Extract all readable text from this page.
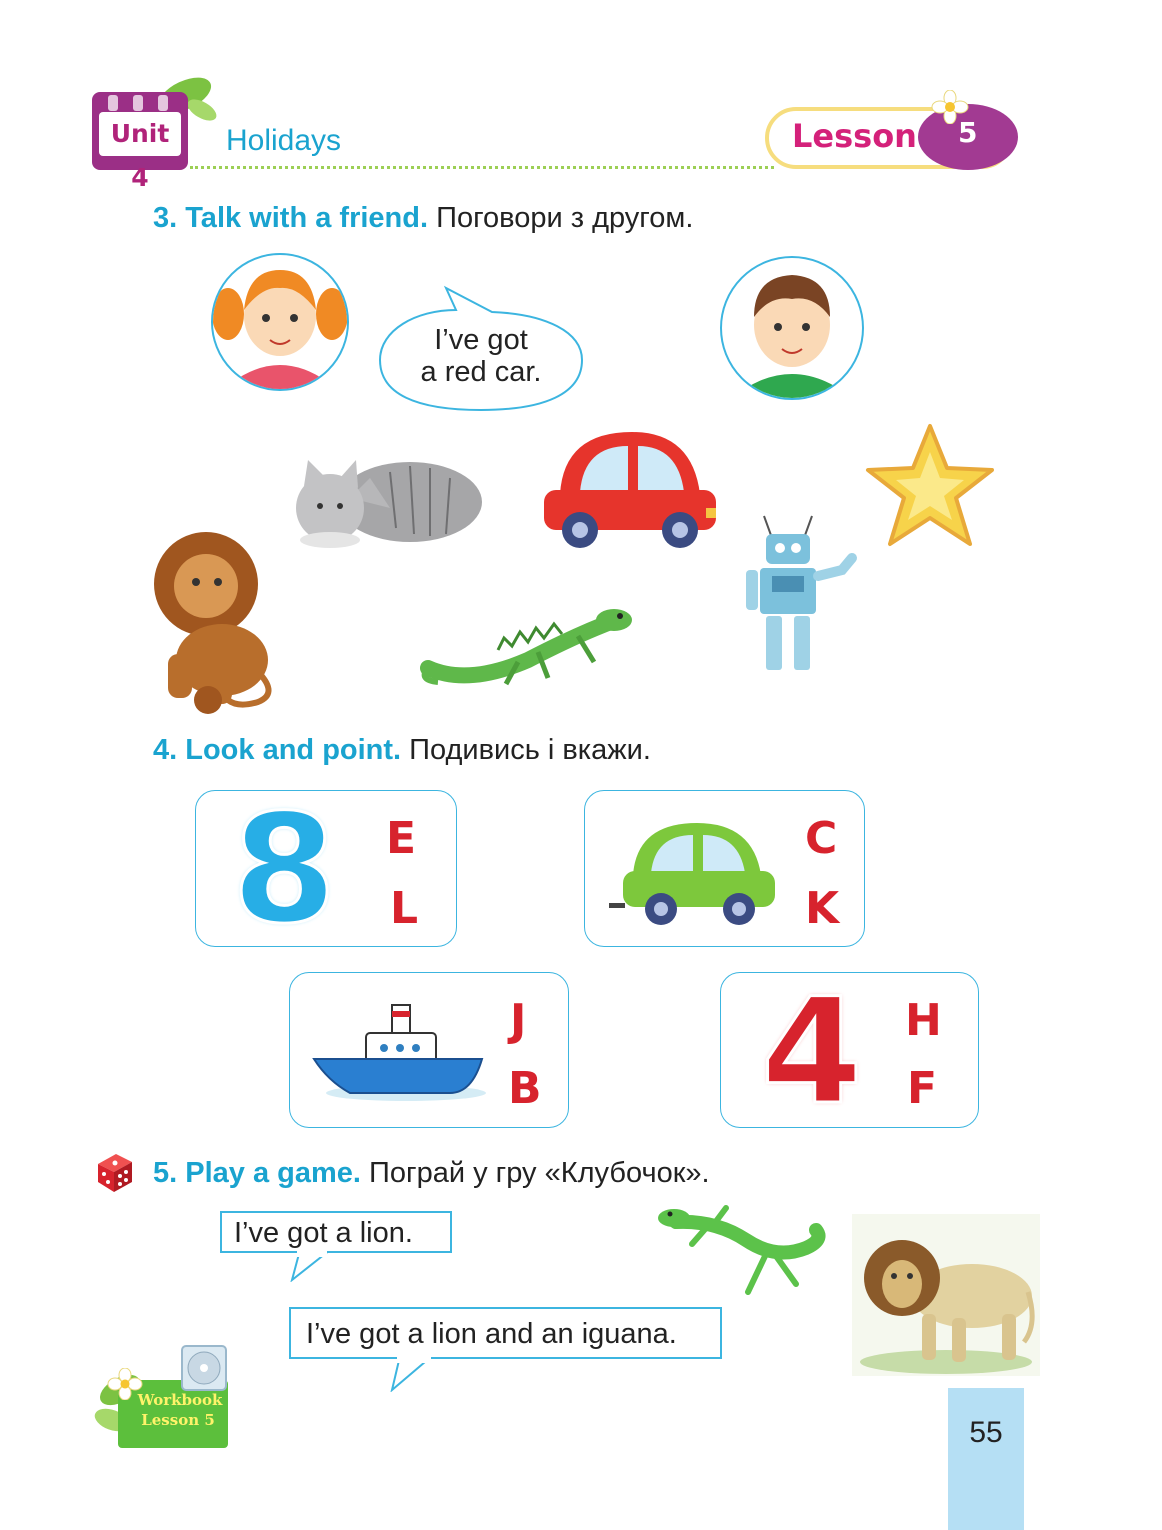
Unit 4
Holidays	Lesson 5
3. Talk with a friend. Поговори з другом.
I’ve got
a red car.
4. Look and point. Подивись і вкажи.
8 E
L
C
K
J
B 4 H
F
5. Play a game. Пограй у гру «Клубочок».
I’ve got a lion.
I’ve got a lion and an iguana.
Workbook
Lesson 5	55
